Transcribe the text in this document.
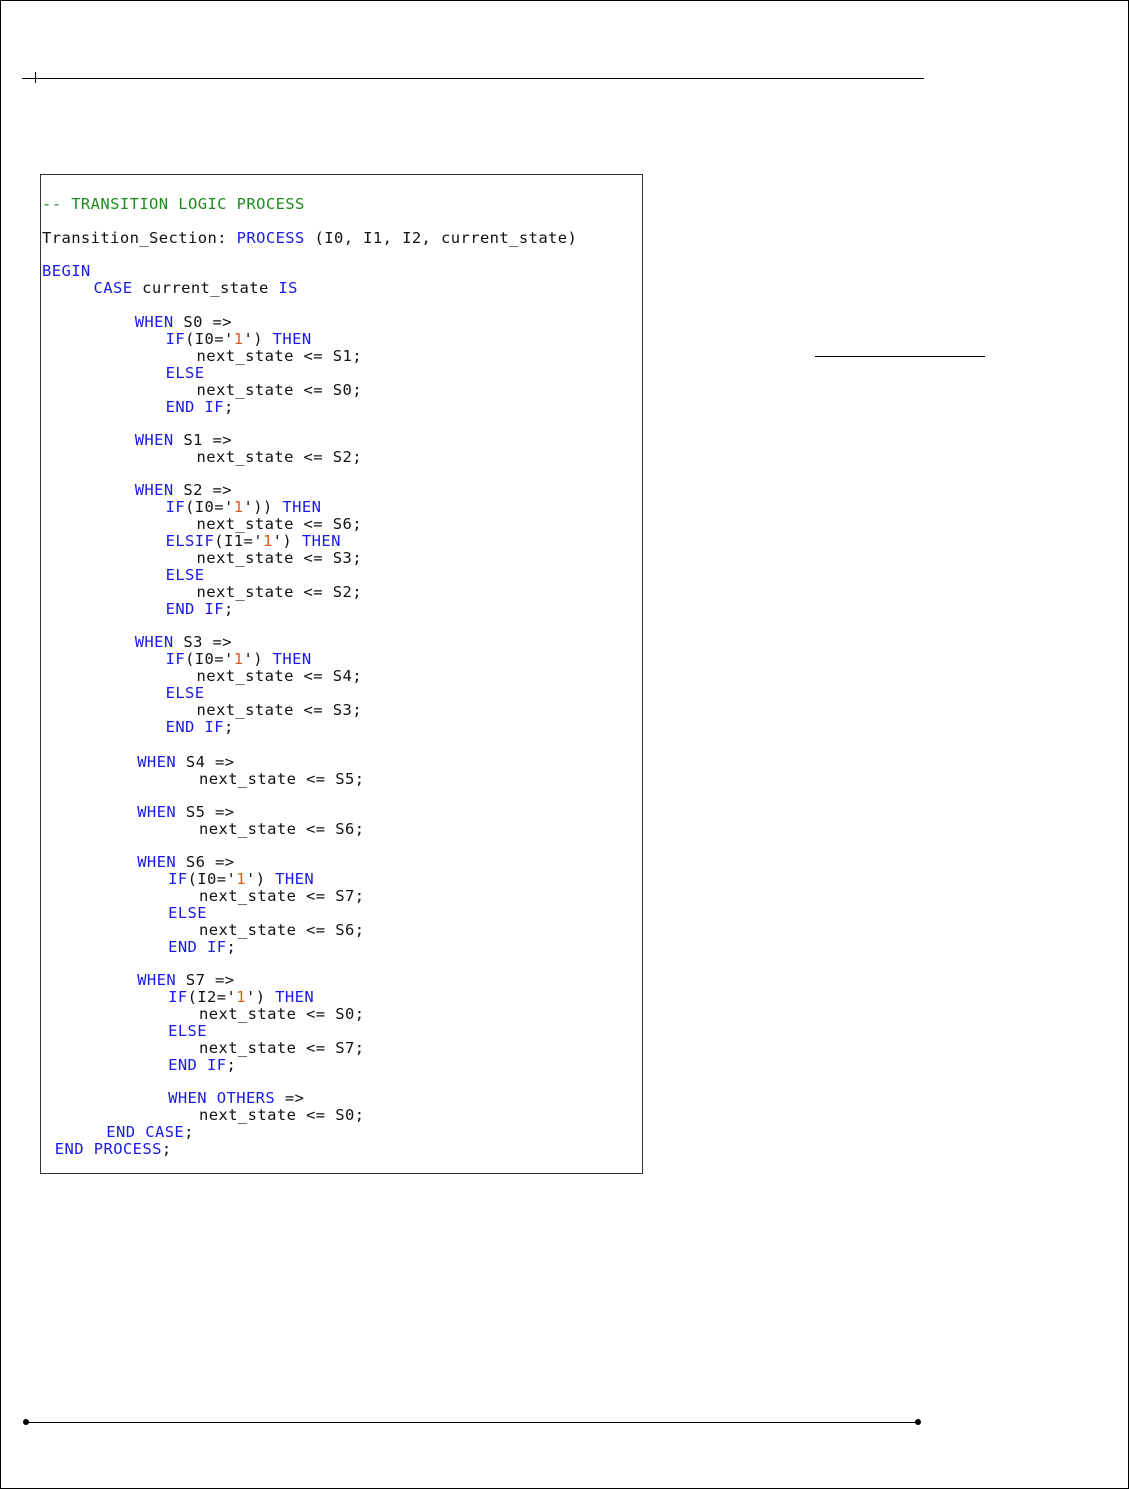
-- TRANSITION LOGIC PROCESS
Transition_Section: PROCESS (I0, I1, I2, current_state)
BEGIN
CASE current_state IS
WHEN S0 =>
IF(I0='1') THEN
next_state <= S1;
ELSE
next_state <= S0;
END IF;
WHEN S1 =>
next_state <= S2;
WHEN S2 =>
IF(I0='1')) THEN
next_state <= S6;
ELSIF(I1='1') THEN
next_state <= S3;
ELSE
next_state <= S2;
END IF;
WHEN S3 =>
IF(I0='1') THEN
next_state <= S4;
ELSE
next_state <= S3;
END IF;
WHEN S4 =>
next_state <= S5;
WHEN S5 =>
next_state <= S6;
WHEN S6 =>
IF(I0='1') THEN
next_state <= S7;
ELSE
next_state <= S6;
END IF;
WHEN S7 =>
IF(I2='1') THEN
next_state <= S0;
ELSE
next_state <= S7;
END IF;
WHEN OTHERS =>
next_state <= S0;
END CASE;
END PROCESS;
